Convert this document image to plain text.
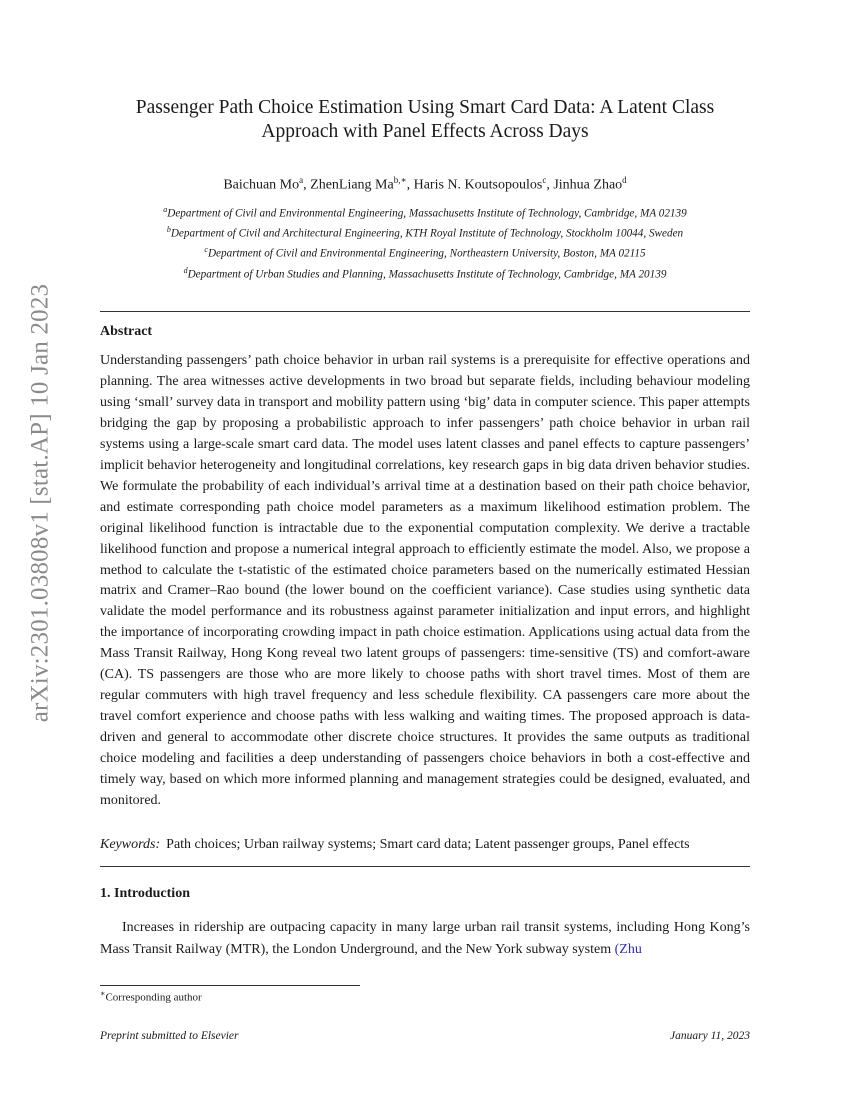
arXiv:2301.03808v1 [stat.AP] 10 Jan 2023
Passenger Path Choice Estimation Using Smart Card Data: A Latent Class
Approach with Panel Effects Across Days
Baichuan Mo$^a$, ZhenLiang $Ma^{b,∗}$, Haris N. Koutsopoulos$^c$, Jinhua Zhao$^d$
$^a$Department of Civil and Environmental Engineering, Massachusetts Institute of Technology, Cambridge, MA 02139
$^b$Department of Civil and Architectural Engineering, KTH Royal Institute of Technology, Stockholm 10044, Sweden
$^c$Department of Civil and Environmental Engineering, Northeastern University, Boston, MA 02115
$^d$Department of Urban Studies and Planning, Massachusetts Institute of Technology, Cambridge, MA 20139
Abstract

Understanding passengers’ path choice behavior in urban rail systems is a prerequisite for effective operations and planning. The area witnesses active developments in two broad but separate fields, including behaviour modeling using ‘small’ survey data in transport and mobility pattern using ‘big’ data in computer science. This paper attempts bridging the gap by proposing a probabilistic approach to infer passengers’ path choice behavior in urban rail systems using a large-scale smart card data. The model uses latent classes and panel effects to capture passengers’ implicit behavior heterogeneity and longitudinal correlations, key research gaps in big data driven behavior studies. We formulate the probability of each individual’s arrival time at a destination based on their path choice behavior, and estimate corresponding path choice model parameters as a maximum likelihood estimation problem. The original likelihood function is intractable due to the exponential computation complexity. We derive a tractable likelihood function and propose a numerical integral approach to efficiently estimate the model. Also, we propose a method to calculate the t-statistic of the estimated choice parameters based on the numerically estimated Hessian matrix and Cramer–Rao bound (the lower bound on the coefficient variance). Case studies using synthetic data validate the model performance and its robustness against parameter initialization and input errors, and highlight the importance of incorporating crowding impact in path choice estimation. Applications using actual data from the Mass Transit Railway, Hong Kong reveal two latent groups of passengers: time-sensitive (TS) and comfort-aware (CA). TS passengers are those who are more likely to choose paths with short travel times. Most of them are regular commuters with high travel frequency and less schedule flexibility. CA passengers care more about the travel comfort experience and choose paths with less walking and waiting times. The proposed approach is data-driven and general to accommodate other discrete choice structures. It provides the same outputs as traditional choice modeling and facilities a deep understanding of passengers choice behaviors in both a cost-effective and timely way, based on which more informed planning and management strategies could be designed, evaluated, and monitored.

Keywords: Path choices; Urban railway systems; Smart card data; Latent passenger groups, Panel effects
1. Introduction

Increases in ridership are outpacing capacity in many large urban rail transit systems, including Hong Kong’s Mass Transit Railway (MTR), the London Underground, and the New York subway system (Zhu

∗Corresponding author
Preprint submitted to Elsevier	January 11, 2023
